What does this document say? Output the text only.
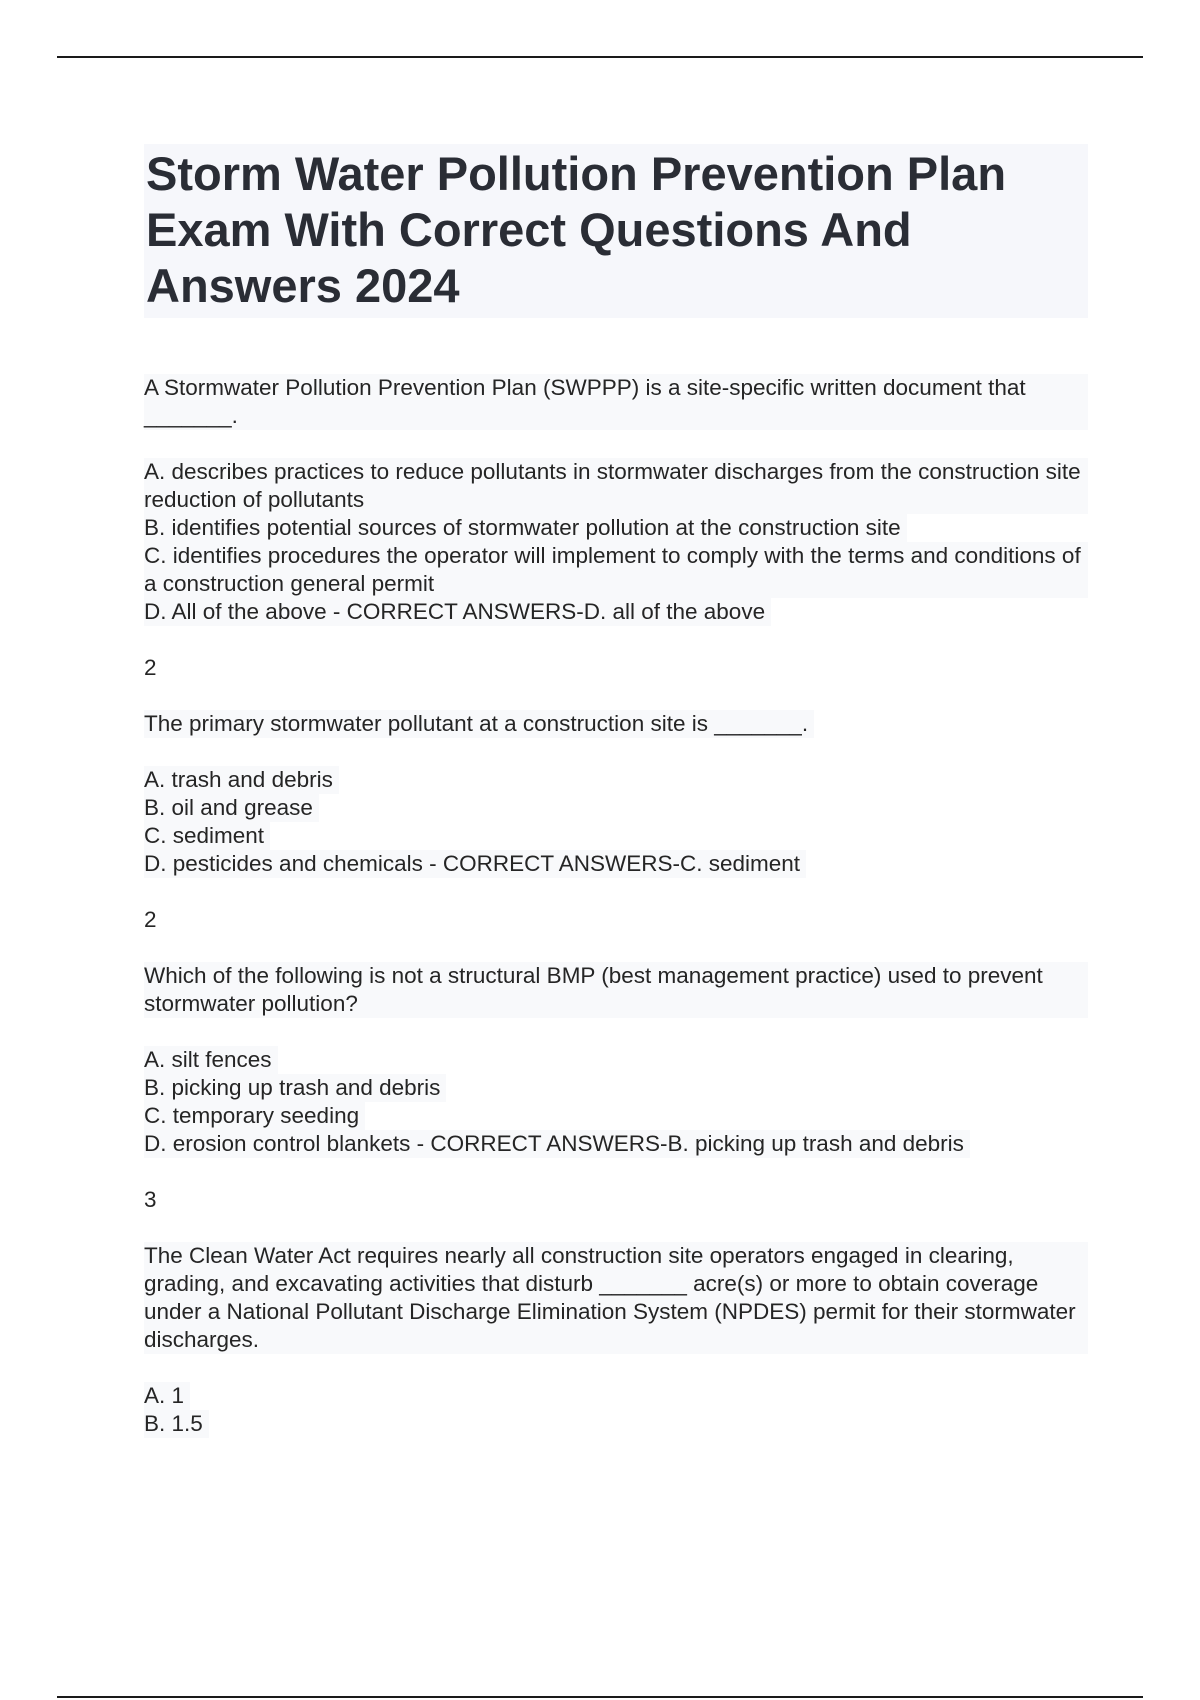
Storm Water Pollution Prevention Plan Exam With Correct Questions And Answers 2024
A Stormwater Pollution Prevention Plan (SWPPP) is a site-specific written document that _______.
A. describes practices to reduce pollutants in stormwater discharges from the construction site reduction of pollutants
B. identifies potential sources of stormwater pollution at the construction site
C. identifies procedures the operator will implement to comply with the terms and conditions of a construction general permit
D. All of the above - CORRECT ANSWERS-D. all of the above
2
The primary stormwater pollutant at a construction site is _______.
A. trash and debris
B. oil and grease
C. sediment
D. pesticides and chemicals - CORRECT ANSWERS-C. sediment
2
Which of the following is not a structural BMP (best management practice) used to prevent stormwater pollution?
A. silt fences
B. picking up trash and debris
C. temporary seeding
D. erosion control blankets - CORRECT ANSWERS-B. picking up trash and debris
3
The Clean Water Act requires nearly all construction site operators engaged in clearing, grading, and excavating activities that disturb _______ acre(s) or more to obtain coverage under a National Pollutant Discharge Elimination System (NPDES) permit for their stormwater discharges.
A. 1
B. 1.5
